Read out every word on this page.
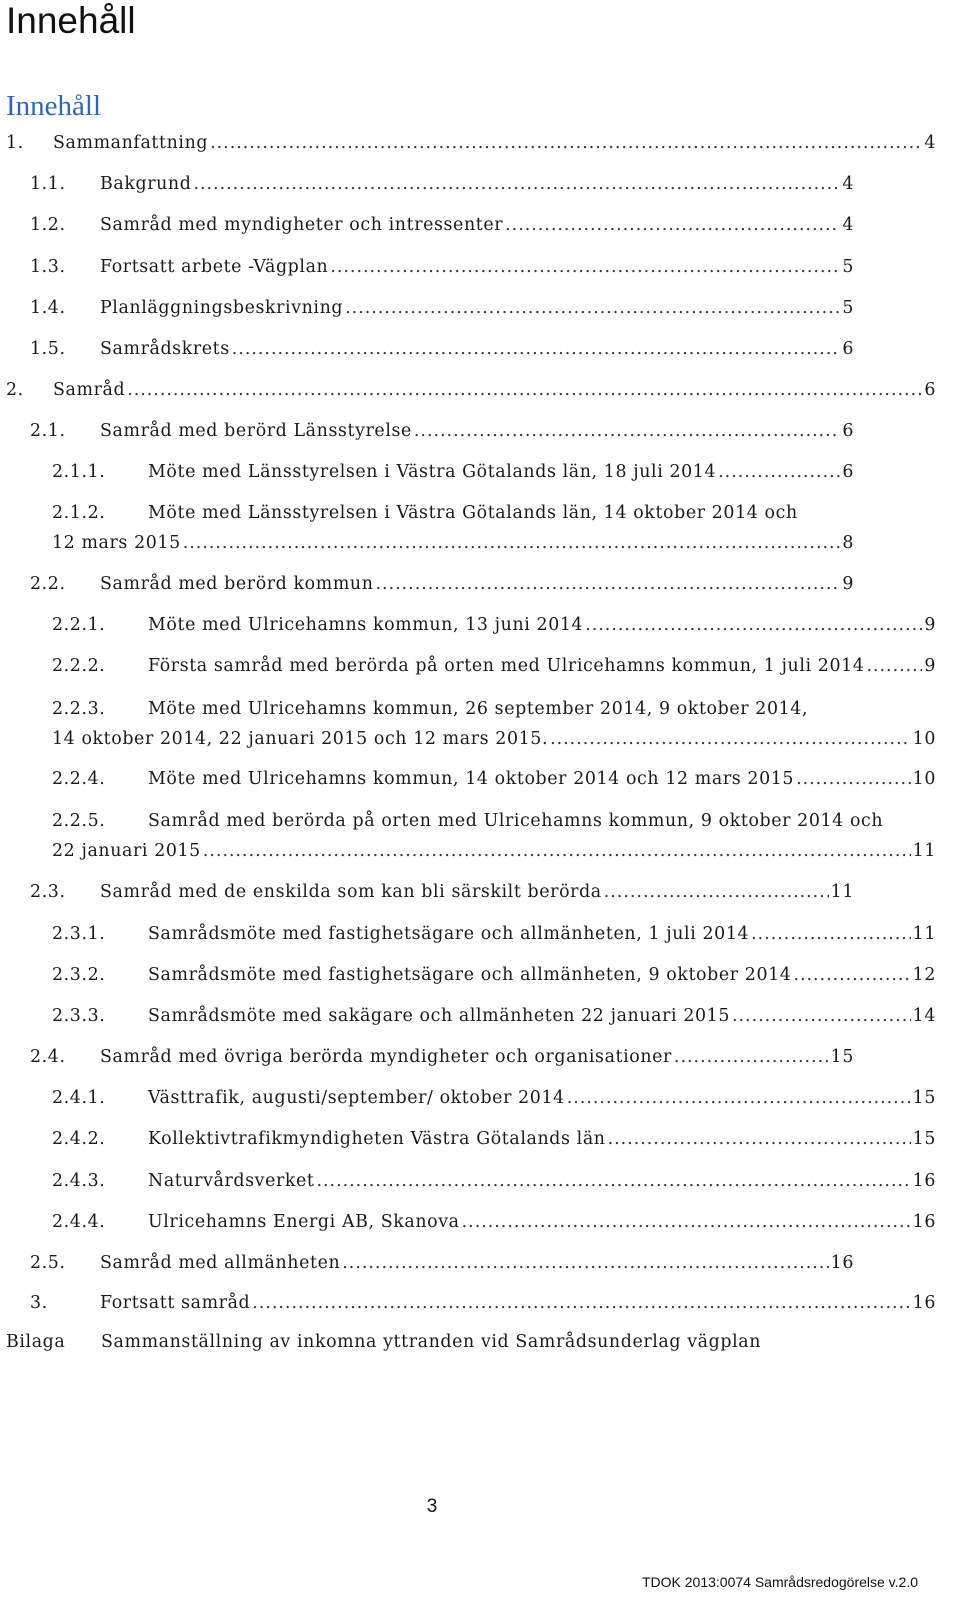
Innehåll
Innehåll
1.	Sammanfattning .....	4
1.1.	Bakgrund .....	4
1.2.	Samråd med myndigheter och intressenter .....	4
1.3.	Fortsatt arbete -Vägplan .....	5
1.4.	Planläggningsbeskrivning .....	5
1.5.	Samrådskrets .....	6
2.	Samråd .....	6
2.1.	Samråd med berörd Länsstyrelse .....	6
2.1.1.	Möte med Länsstyrelsen i Västra Götalands län, 18 juli 2014 .....	6
2.1.2.	Möte med Länsstyrelsen i Västra Götalands län, 14 oktober 2014 och
12 mars 2015 .....	8
2.2.	Samråd med berörd kommun .....	9
2.2.1.	Möte med Ulricehamns kommun, 13 juni 2014 .....	9
2.2.2.	Första samråd med berörda på orten med Ulricehamns kommun, 1 juli 2014 .....	9
2.2.3.	Möte med Ulricehamns kommun, 26 september 2014, 9 oktober 2014,
14 oktober 2014, 22 januari 2015 och 12 mars 2015. .....	10
2.2.4.	Möte med Ulricehamns kommun, 14 oktober 2014 och 12 mars 2015 .....	10
2.2.5.	Samråd med berörda på orten med Ulricehamns kommun, 9 oktober 2014 och
22 januari 2015 .....	11
2.3.	Samråd med de enskilda som kan bli särskilt berörda .....	11
2.3.1.	Samrådsmöte med fastighetsägare och allmänheten, 1 juli 2014 .....	11
2.3.2.	Samrådsmöte med fastighetsägare och allmänheten, 9 oktober 2014 .....	12
2.3.3.	Samrådsmöte med sakägare och allmänheten 22 januari 2015 .....	14
2.4.	Samråd med övriga berörda myndigheter och organisationer .....	15
2.4.1.	Västtrafik, augusti/september/ oktober 2014 .....	15
2.4.2.	Kollektivtrafikmyndigheten Västra Götalands län .....	15
2.4.3.	Naturvårdsverket .....	16
2.4.4.	Ulricehamns Energi AB, Skanova .....	16
2.5.	Samråd med allmänheten .....	16
3.	Fortsatt samråd .....	16
Bilaga	Sammanställning av inkomna yttranden vid Samrådsunderlag vägplan
3
TDOK 2013:0074 Samrådsredogörelse v.2.0
